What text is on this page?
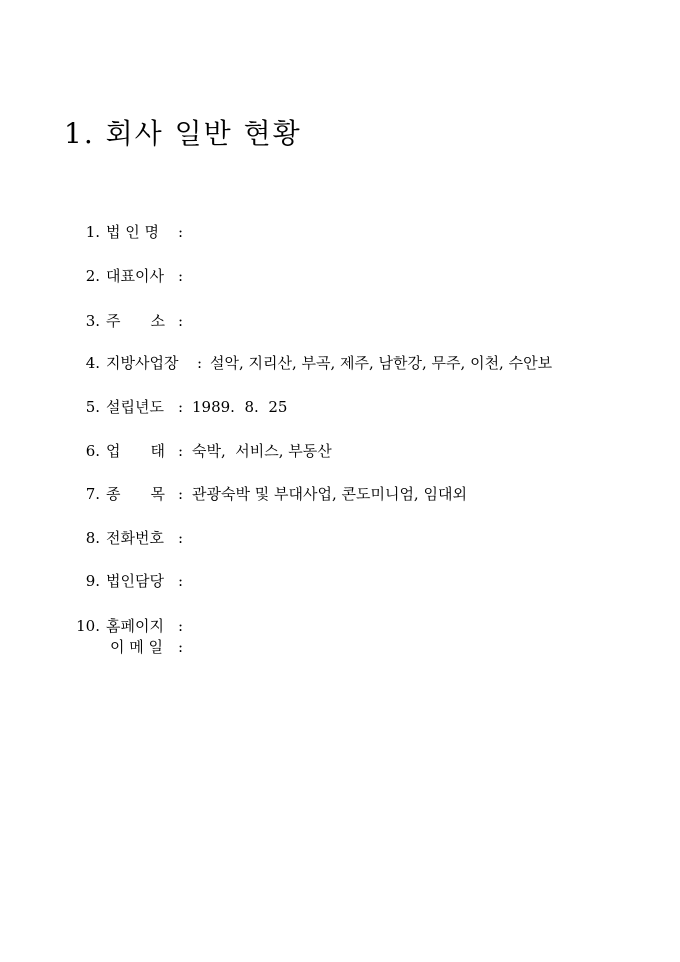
1. 회사 일반 현황
1. 법 인 명 :
2. 대표이사 :
3. 주　　소 :
4. 지방사업장 : 설악, 지리산, 부곡, 제주, 남한강, 무주, 이천, 수안보
5. 설립년도 : 1989.  8.  25
6. 업　　태 : 숙박,  서비스, 부동산
7. 종　　목 : 관광숙박 및 부대사업, 콘도미니엄, 임대외
8. 전화번호 :
9. 법인담당 :
10. 홈페이지 :
이 메 일 :
